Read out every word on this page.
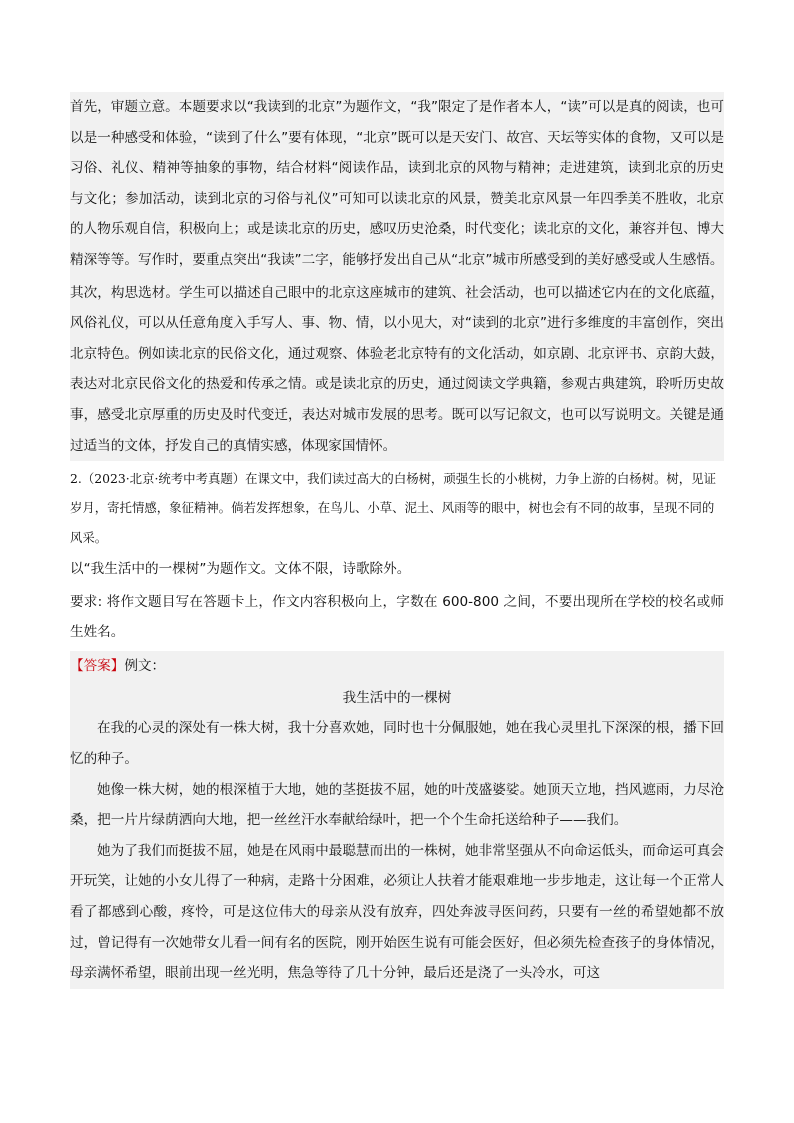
首先，审题立意。本题要求以“我读到的北京”为题作文，“我”限定了是作者本人，“读”可以是真的阅读，也可以是一种感受和体验，“读到了什么”要有体现，“北京”既可以是天安门、故宫、天坛等实体的食物，又可以是习俗、礼仪、精神等抽象的事物，结合材料“阅读作品，读到北京的风物与精神；走进建筑，读到北京的历史与文化；参加活动，读到北京的习俗与礼仪”可知可以读北京的风景，赞美北京风景一年四季美不胜收，北京的人物乐观自信，积极向上；或是读北京的历史，感叹历史沧桑，时代变化；读北京的文化，兼容并包、博大精深等等。写作时，要重点突出“我读”二字，能够抒发出自己从“北京”城市所感受到的美好感受或人生感悟。

其次，构思选材。学生可以描述自己眼中的北京这座城市的建筑、社会活动，也可以描述它内在的文化底蕴，风俗礼仪，可以从任意角度入手写人、事、物、情，以小见大，对“读到的北京”进行多维度的丰富创作，突出北京特色。例如读北京的民俗文化，通过观察、体验老北京特有的文化活动，如京剧、北京评书、京韵大鼓，表达对北京民俗文化的热爱和传承之情。或是读北京的历史，通过阅读文学典籍，参观古典建筑，聆听历史故事，感受北京厚重的历史及时代变迁，表达对城市发展的思考。既可以写记叙文，也可以写说明文。关键是通过适当的文体，抒发自己的真情实感，体现家国情怀。

2.（2023·北京·统考中考真题）在课文中，我们读过高大的白杨树，顽强生长的小桃树，力争上游的白杨树。树，见证岁月，寄托情感，象征精神。倘若发挥想象，在鸟儿、小草、泥土、风雨等的眼中，树也会有不同的故事，呈现不同的风采。

以“我生活中的一棵树”为题作文。文体不限，诗歌除外。

要求: 将作文题目写在答题卡上，作文内容积极向上，字数在 600-800 之间，不要出现所在学校的校名或师生姓名。

【答案】例文：

我生活中的一棵树

在我的心灵的深处有一株大树，我十分喜欢她，同时也十分佩服她，她在我心灵里扎下深深的根，播下回忆的种子。

她像一株大树，她的根深植于大地，她的茎挺拔不屈，她的叶茂盛婆娑。她顶天立地，挡风遮雨，力尽沧桑，把一片片绿荫洒向大地，把一丝丝汗水奉献给绿叶，把一个个生命托送给种子——我们。

她为了我们而挺拔不屈，她是在风雨中最聪慧而出的一株树，她非常坚强从不向命运低头，而命运可真会开玩笑，让她的小女儿得了一种病，走路十分困难，必须让人扶着才能艰难地一步步地走，这让每一个正常人看了都感到心酸，疼怜，可是这位伟大的母亲从没有放弃，四处奔波寻医问药，只要有一丝的希望她都不放过，曾记得有一次她带女儿看一间有名的医院，刚开始医生说有可能会医好，但必须先检查孩子的身体情况，母亲满怀希望，眼前出现一丝光明，焦急等待了几十分钟，最后还是浇了一头冷水，可这
